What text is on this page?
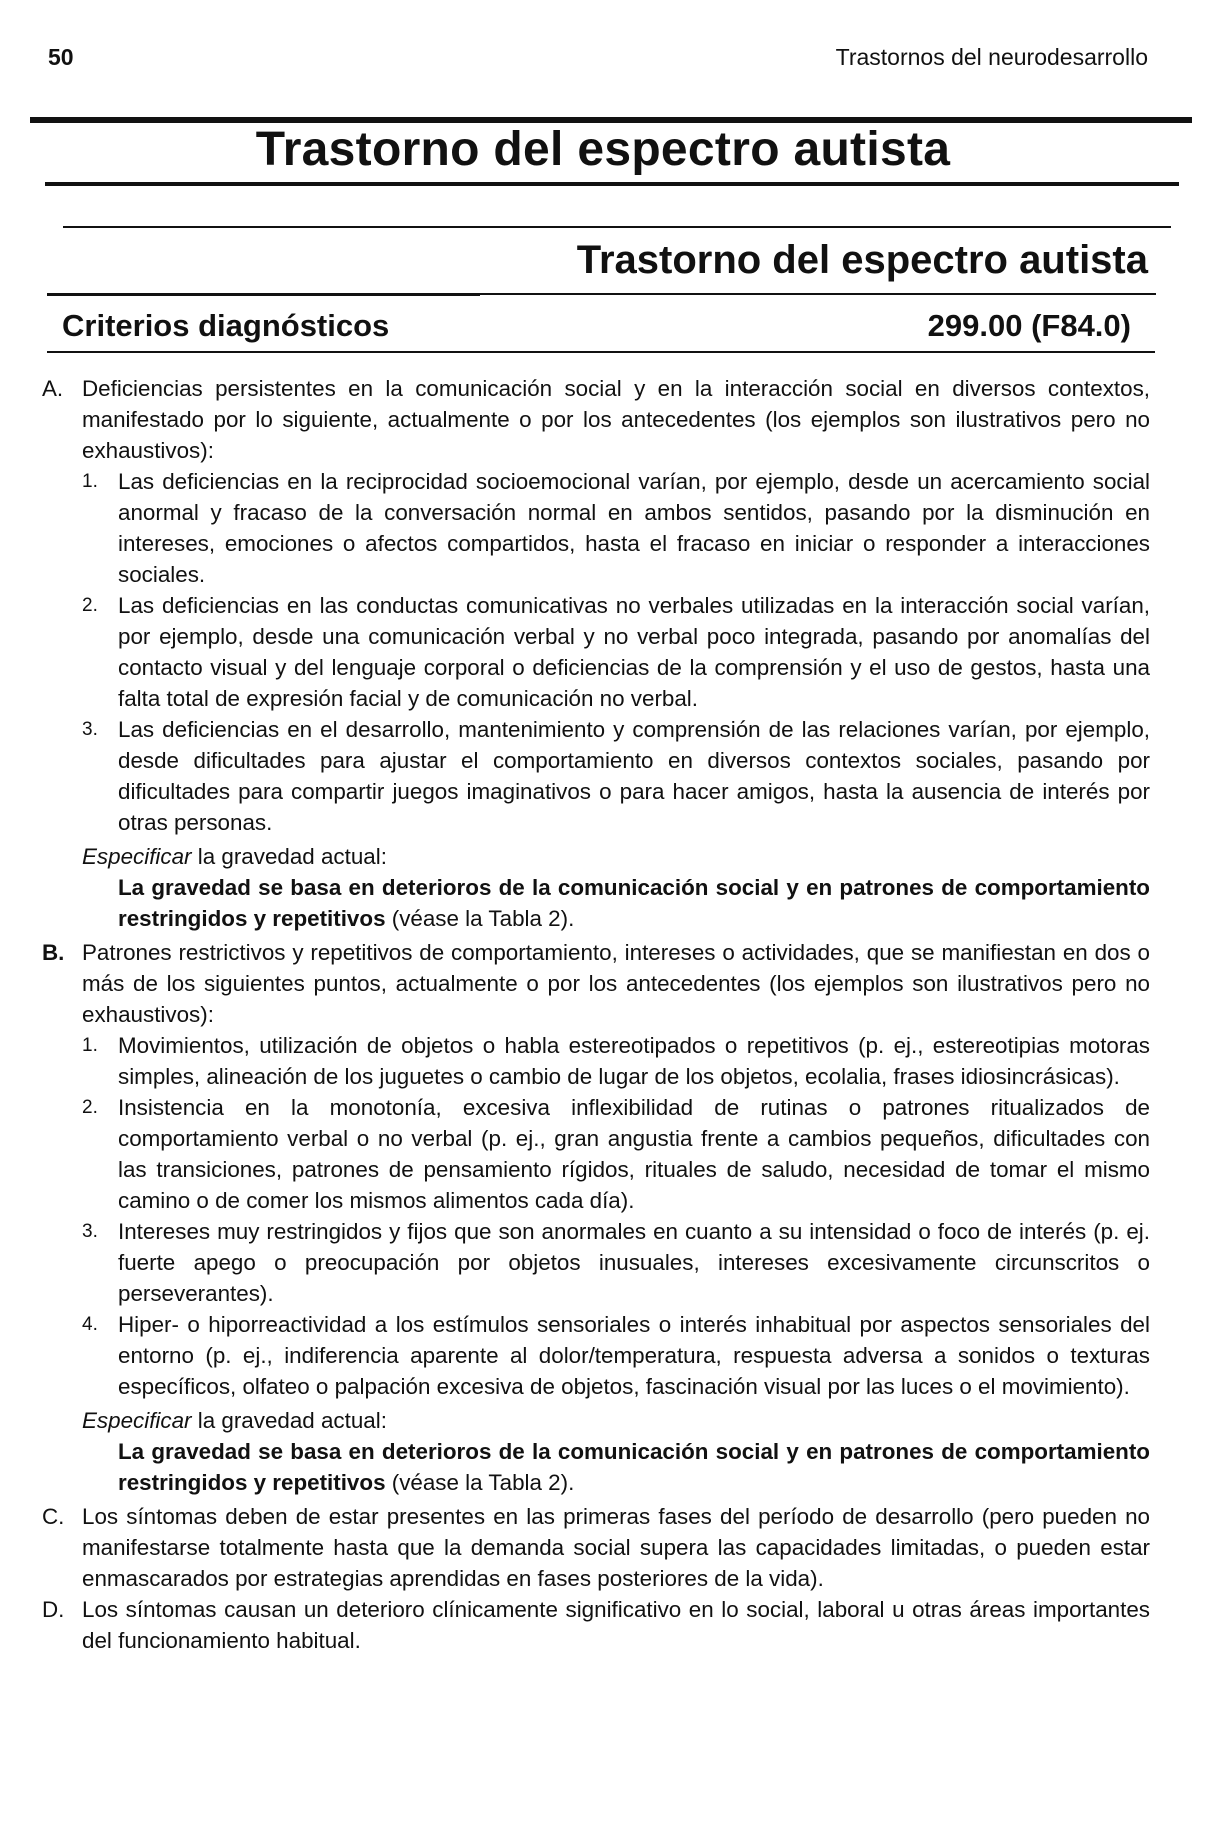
50	Trastornos del neurodesarrollo
Trastorno del espectro autista
Trastorno del espectro autista
Criterios diagnósticos	299.00 (F84.0)
A. Deficiencias persistentes en la comunicación social y en la interacción social en diversos contextos, manifestado por lo siguiente, actualmente o por los antecedentes (los ejemplos son ilustrativos pero no exhaustivos):
1. Las deficiencias en la reciprocidad socioemocional varían, por ejemplo, desde un acercamiento social anormal y fracaso de la conversación normal en ambos sentidos, pasando por la disminución en intereses, emociones o afectos compartidos, hasta el fracaso en iniciar o responder a interacciones sociales.
2. Las deficiencias en las conductas comunicativas no verbales utilizadas en la interacción social varían, por ejemplo, desde una comunicación verbal y no verbal poco integrada, pasando por anomalías del contacto visual y del lenguaje corporal o deficiencias de la comprensión y el uso de gestos, hasta una falta total de expresión facial y de comunicación no verbal.
3. Las deficiencias en el desarrollo, mantenimiento y comprensión de las relaciones varían, por ejemplo, desde dificultades para ajustar el comportamiento en diversos contextos sociales, pasando por dificultades para compartir juegos imaginativos o para hacer amigos, hasta la ausencia de interés por otras personas.
Especificar la gravedad actual:
La gravedad se basa en deterioros de la comunicación social y en patrones de comportamiento restringidos y repetitivos (véase la Tabla 2).
B. Patrones restrictivos y repetitivos de comportamiento, intereses o actividades, que se manifiestan en dos o más de los siguientes puntos, actualmente o por los antecedentes (los ejemplos son ilustrativos pero no exhaustivos):
1. Movimientos, utilización de objetos o habla estereotipados o repetitivos (p. ej., estereotipias motoras simples, alineación de los juguetes o cambio de lugar de los objetos, ecolalia, frases idiosincrásicas).
2. Insistencia en la monotonía, excesiva inflexibilidad de rutinas o patrones ritualizados de comportamiento verbal o no verbal (p. ej., gran angustia frente a cambios pequeños, dificultades con las transiciones, patrones de pensamiento rígidos, rituales de saludo, necesidad de tomar el mismo camino o de comer los mismos alimentos cada día).
3. Intereses muy restringidos y fijos que son anormales en cuanto a su intensidad o foco de interés (p. ej. fuerte apego o preocupación por objetos inusuales, intereses excesivamente circunscritos o perseverantes).
4. Hiper- o hiporreactividad a los estímulos sensoriales o interés inhabitual por aspectos sensoriales del entorno (p. ej., indiferencia aparente al dolor/temperatura, respuesta adversa a sonidos o texturas específicos, olfateo o palpación excesiva de objetos, fascinación visual por las luces o el movimiento).
Especificar la gravedad actual:
La gravedad se basa en deterioros de la comunicación social y en patrones de comportamiento restringidos y repetitivos (véase la Tabla 2).
C. Los síntomas deben de estar presentes en las primeras fases del período de desarrollo (pero pueden no manifestarse totalmente hasta que la demanda social supera las capacidades limitadas, o pueden estar enmascarados por estrategias aprendidas en fases posteriores de la vida).
D. Los síntomas causan un deterioro clínicamente significativo en lo social, laboral u otras áreas importantes del funcionamiento habitual.
